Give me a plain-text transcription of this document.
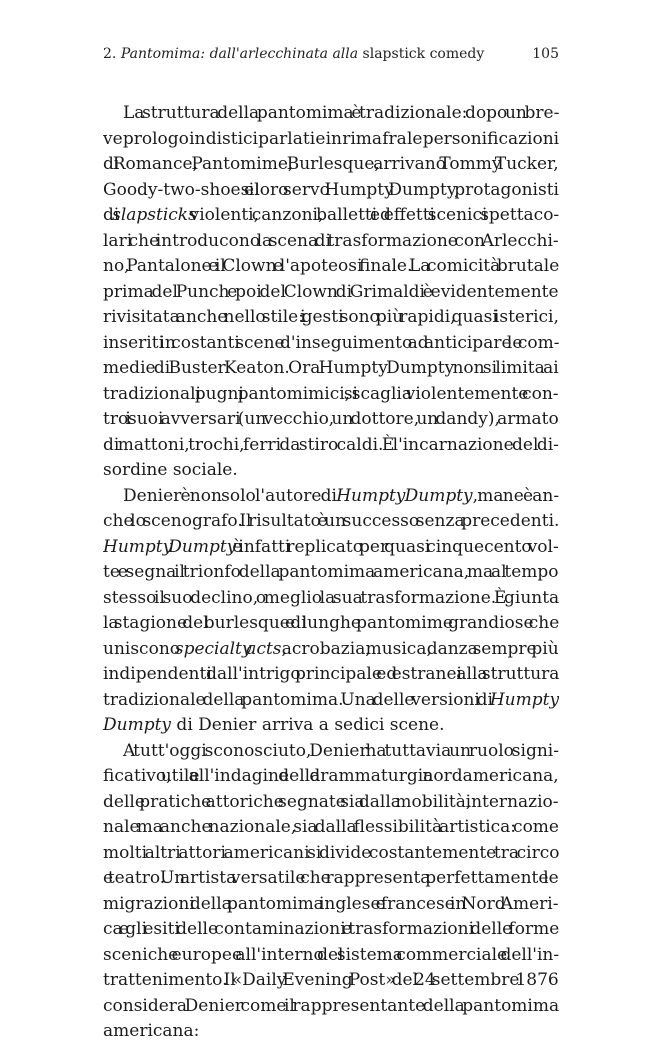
2. Pantomima: dall'arlecchinata alla slapstick comedy	105
La struttura della pantomima è tradizionale: dopo un bre-
ve prologo in distici parlati e in rima fra le personificazioni
di Romance, Pantomime, Burlesque, arrivano Tommy Tucker,
Goody-two-shoes e il loro servo Humpty Dumpty, protagonisti
di slapsticks violenti, canzoni, balletti ed effetti scenici spettaco-
lari che introducono la scena di trasformazione con Arlecchi-
no, Pantalone e il Clown e l'apoteosi finale. La comicità brutale
prima del Punch e poi del Clown di Grimaldi è evidentemente
rivisitata anche nello stile: i gesti sono più rapidi, quasi isterici,
inseriti in costanti scene d'inseguimento ad anticipare le com-
medie di Buster Keaton. Ora Humpty Dumpty non si limita ai
tradizionali pugni pantomimici, si scaglia violentemente con-
tro i suoi avversari (un vecchio, un dottore, un dandy), armato
di mattoni, trochi, ferri da stiro caldi. È l'incarnazione del di-
sordine sociale.
Denier è non solo l'autore di Humpty Dumpty, ma ne è an-
che lo scenografo. Il risultato è un successo senza precedenti.
Humpty Dumpty è infatti replicato per quasi cinquecento vol-
te e segna il trionfo della pantomima americana, ma al tempo
stesso il suo declino, o meglio la sua trasformazione. È giunta
la stagione del burlesque e di lunghe pantomime grandiose che
uniscono specialty acts, acrobazia, musica, danza sempre più
indipendenti dall'intrigo principale ed estranei alla struttura
tradizionale della pantomima. Una delle versioni di Humpty
Dumpty di Denier arriva a sedici scene.
A tutt'oggi sconosciuto, Denier ha tuttavia un ruolo signi-
ficativo, utile all'indagine della drammaturgia nordamericana,
delle pratiche attoriche segnate sia dalla mobilità, internazio-
nale ma anche nazionale, sia dalla flessibilità artistica: come
molti altri attori americani si divide costantemente tra circo
e teatro. Un artista versatile che rappresenta perfettamente le
migrazioni della pantomima inglese e francese in Nord Ameri-
ca e gli esiti delle contaminazioni e trasformazioni delle forme
sceniche europee all'interno del sistema commerciale dell'in-
trattenimento. Il «Daily Evening Post» del 24 settembre 1876
considera Denier come il rappresentante della pantomima
americana:
